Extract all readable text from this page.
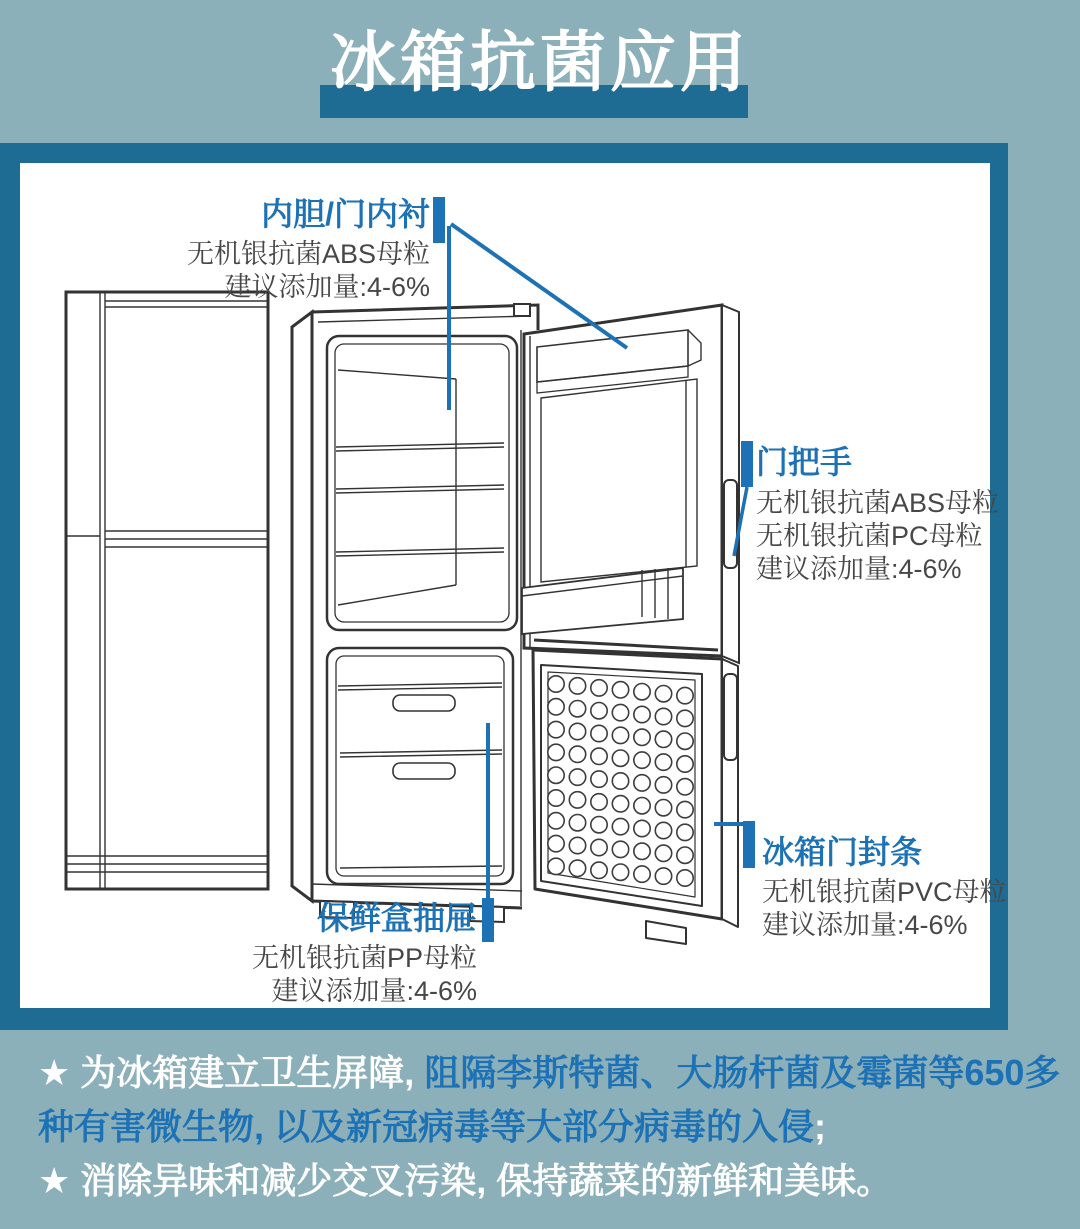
冰箱抗菌应用
内胆/门内衬
无机银抗菌ABS母粒
建议添加量:4-6%
门把手
无机银抗菌ABS母粒
无机银抗菌PC母粒
建议添加量:4-6%
冰箱门封条
无机银抗菌PVC母粒
建议添加量:4-6%
保鲜盒抽屉
无机银抗菌PP母粒
建议添加量:4-6%

★ 为冰箱建立卫生屏障, 阻隔李斯特菌、大肠杆菌及霉菌等650多

种有害微生物, 以及新冠病毒等大部分病毒的入侵;

★ 消除异味和减少交叉污染, 保持蔬菜的新鲜和美味。
